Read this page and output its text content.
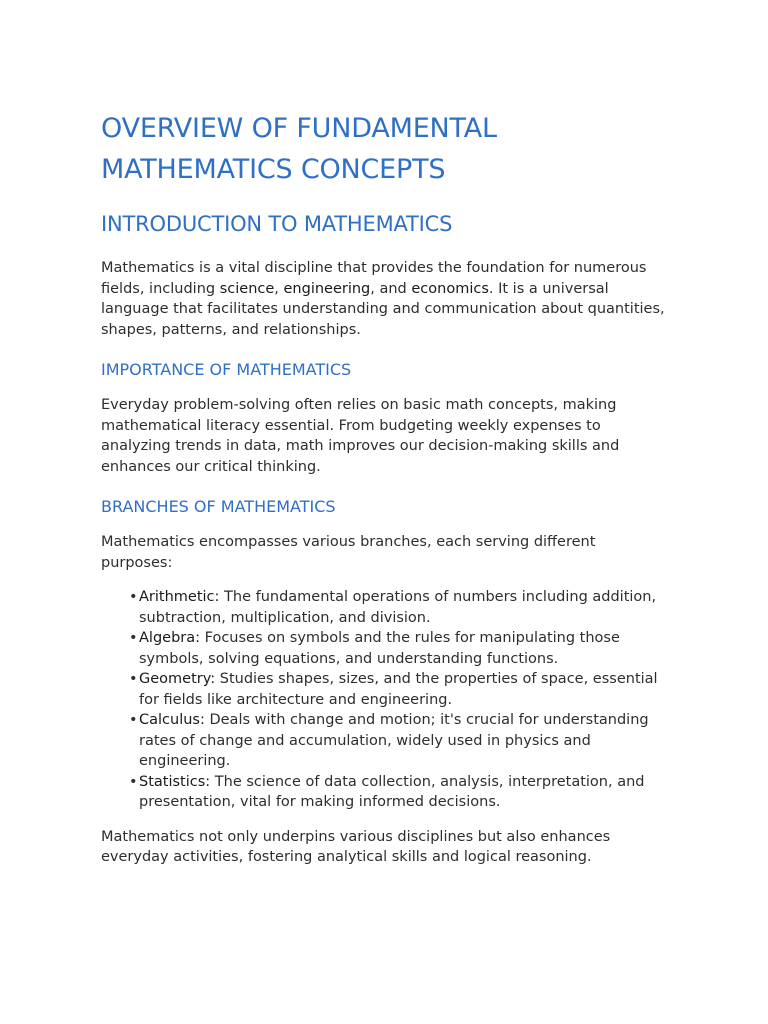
OVERVIEW OF FUNDAMENTAL MATHEMATICS CONCEPTS
INTRODUCTION TO MATHEMATICS

Mathematics is a vital discipline that provides the foundation for numerous fields, including science, engineering, and economics. It is a universal language that facilitates understanding and communication about quantities, shapes, patterns, and relationships.

IMPORTANCE OF MATHEMATICS

Everyday problem-solving often relies on basic math concepts, making mathematical literacy essential. From budgeting weekly expenses to analyzing trends in data, math improves our decision-making skills and enhances our critical thinking.

BRANCHES OF MATHEMATICS

Mathematics encompasses various branches, each serving different purposes:

• Arithmetic: The fundamental operations of numbers including addition, subtraction, multiplication, and division.
• Algebra: Focuses on symbols and the rules for manipulating those symbols, solving equations, and understanding functions.
• Geometry: Studies shapes, sizes, and the properties of space, essential for fields like architecture and engineering.
• Calculus: Deals with change and motion; it's crucial for understanding rates of change and accumulation, widely used in physics and engineering.
• Statistics: The science of data collection, analysis, interpretation, and presentation, vital for making informed decisions.

Mathematics not only underpins various disciplines but also enhances everyday activities, fostering analytical skills and logical reasoning.
